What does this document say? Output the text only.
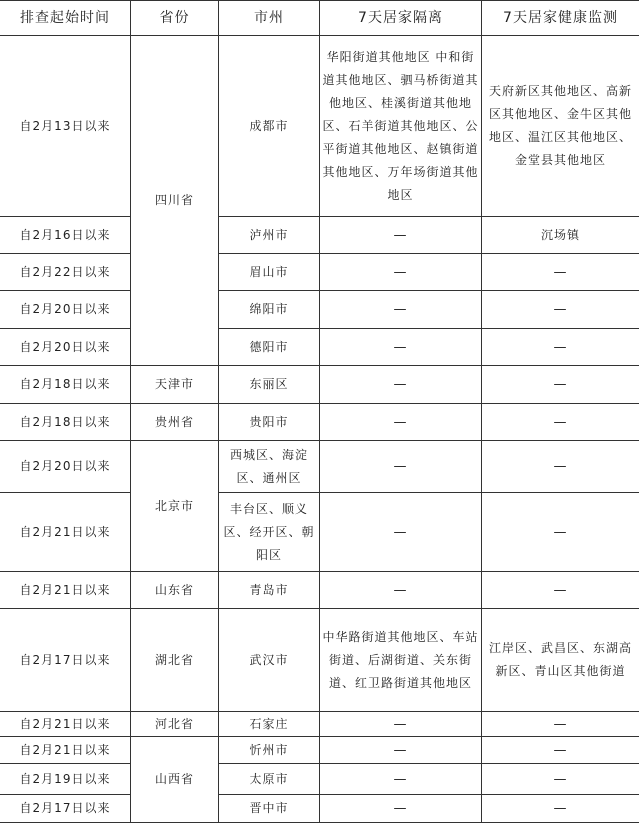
排查起始时间	省份	市州	7天居家隔离	7天居家健康监测
自2月13日以来	四川省	成都市	华阳街道其他地区 中和街道其他地区、驷马桥街道其他地区、桂溪街道其他地区、石羊街道其他地区、公平街道其他地区、赵镇街道其他地区、万年场街道其他地区	天府新区其他地区、高新区其他地区、金牛区其他地区、温江区其他地区、金堂县其他地区
自2月16日以来	泸州市	—	沉场镇
自2月22日以来	眉山市	—	—
自2月20日以来	绵阳市	—	—
自2月20日以来	德阳市	—	—
自2月18日以来	天津市	东丽区	—	—
自2月18日以来	贵州省	贵阳市	—	—
自2月20日以来	北京市	西城区、海淀区、通州区	—	—
自2月21日以来	丰台区、顺义区、经开区、朝阳区	—	—
自2月21日以来	山东省	青岛市	—	—
自2月17日以来	湖北省	武汉市	中华路街道其他地区、车站街道、后湖街道、关东街道、红卫路街道其他地区	江岸区、武昌区、东湖高新区、青山区其他街道
自2月21日以来	河北省	石家庄	—	—
自2月21日以来	山西省	忻州市	—	—
自2月19日以来	太原市	—	—
自2月17日以来	晋中市	—	—
